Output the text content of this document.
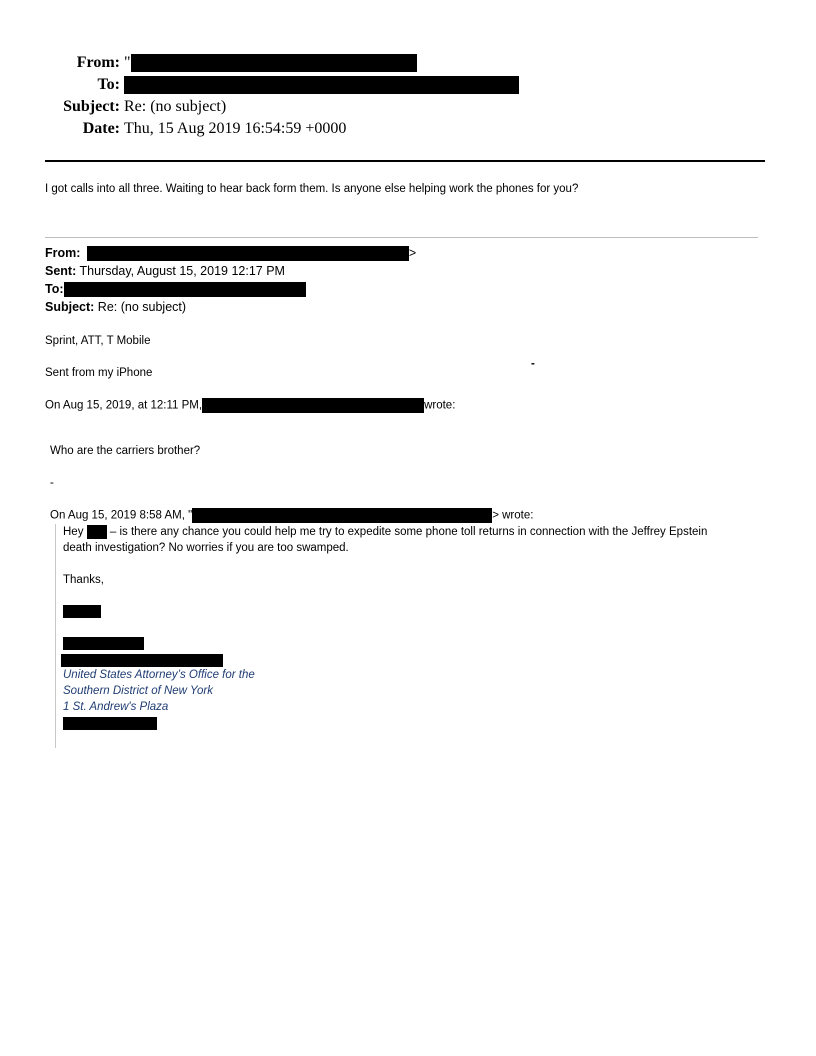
From: "
To:
Subject: Re: (no subject)
Date: Thu, 15 Aug 2019 16:54:59 +0000
I got calls into all three. Waiting to hear back form them. Is anyone else helping work the phones for you?
From:	>
Sent: Thursday, August 15, 2019 12:17 PM
To:
Subject: Re: (no subject)
Sprint, ATT, T Mobile
-
Sent from my iPhone
On Aug 15, 2019, at 12:11 PM,	wrote:
Who are the carriers brother?
-
On Aug 15, 2019 8:58 AM, "	> wrote:
Hey – is there any chance you could help me try to expedite some phone toll returns in connection with the Jeffrey Epstein
death investigation? No worries if you are too swamped.
Thanks,
United States Attorney’s Office for the
Southern District of New York
1 St. Andrew's Plaza
